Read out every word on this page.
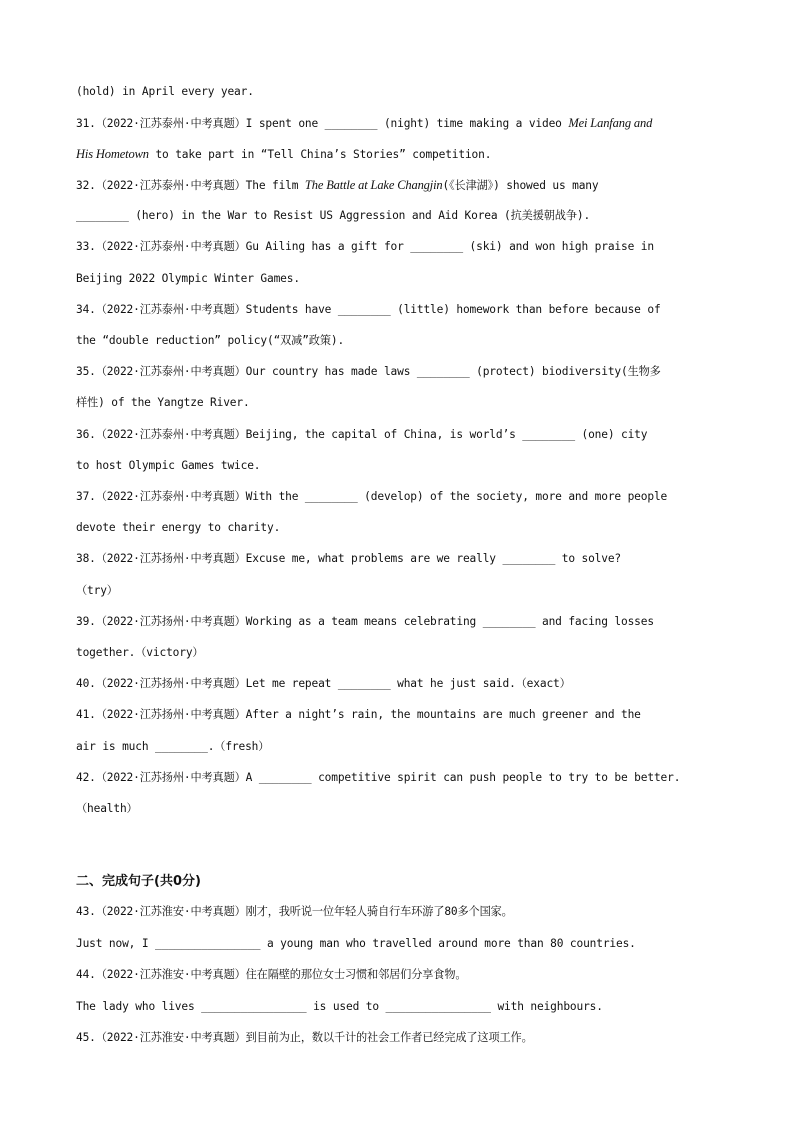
二、完成句子(共0分)
(hold) in April every year.
31.（2022·江苏泰州·中考真题）I spent one ________ (night) time making a video Mei Lanfang and
His Hometown to take part in “Tell China’s Stories” competition.
32.（2022·江苏泰州·中考真题）The film The Battle at Lake Changjin(《长津湖》) showed us many
________ (hero) in the War to Resist US Aggression and Aid Korea (抗美援朝战争).
33.（2022·江苏泰州·中考真题）Gu Ailing has a gift for ________ (ski) and won high praise in
Beijing 2022 Olympic Winter Games.
34.（2022·江苏泰州·中考真题）Students have ________ (little) homework than before because of
the “double reduction” policy(“双减”政策).
35.（2022·江苏泰州·中考真题）Our country has made laws ________ (protect) biodiversity(生物多
样性) of the Yangtze River.
36.（2022·江苏泰州·中考真题）Beijing, the capital of China, is world’s ________ (one) city
to host Olympic Games twice.
37.（2022·江苏泰州·中考真题）With the ________ (develop) of the society, more and more people
devote their energy to charity.
38.（2022·江苏扬州·中考真题）Excuse me, what problems are we really ________ to solve?
（try）
39.（2022·江苏扬州·中考真题）Working as a team means celebrating ________ and facing losses
together.（victory）
40.（2022·江苏扬州·中考真题）Let me repeat ________ what he just said.（exact）
41.（2022·江苏扬州·中考真题）After a night’s rain, the mountains are much greener and the
air is much ________.（fresh）
42.（2022·江苏扬州·中考真题）A ________ competitive spirit can push people to try to be better.
（health）
43.（2022·江苏淮安·中考真题）刚才，我听说一位年轻人骑自行车环游了80多个国家。
Just now, I ________________ a young man who travelled around more than 80 countries.
44.（2022·江苏淮安·中考真题）住在隔壁的那位女士习惯和邻居们分享食物。
The lady who lives ________________ is used to ________________ with neighbours.
45.（2022·江苏淮安·中考真题）到目前为止，数以千计的社会工作者已经完成了这项工作。
